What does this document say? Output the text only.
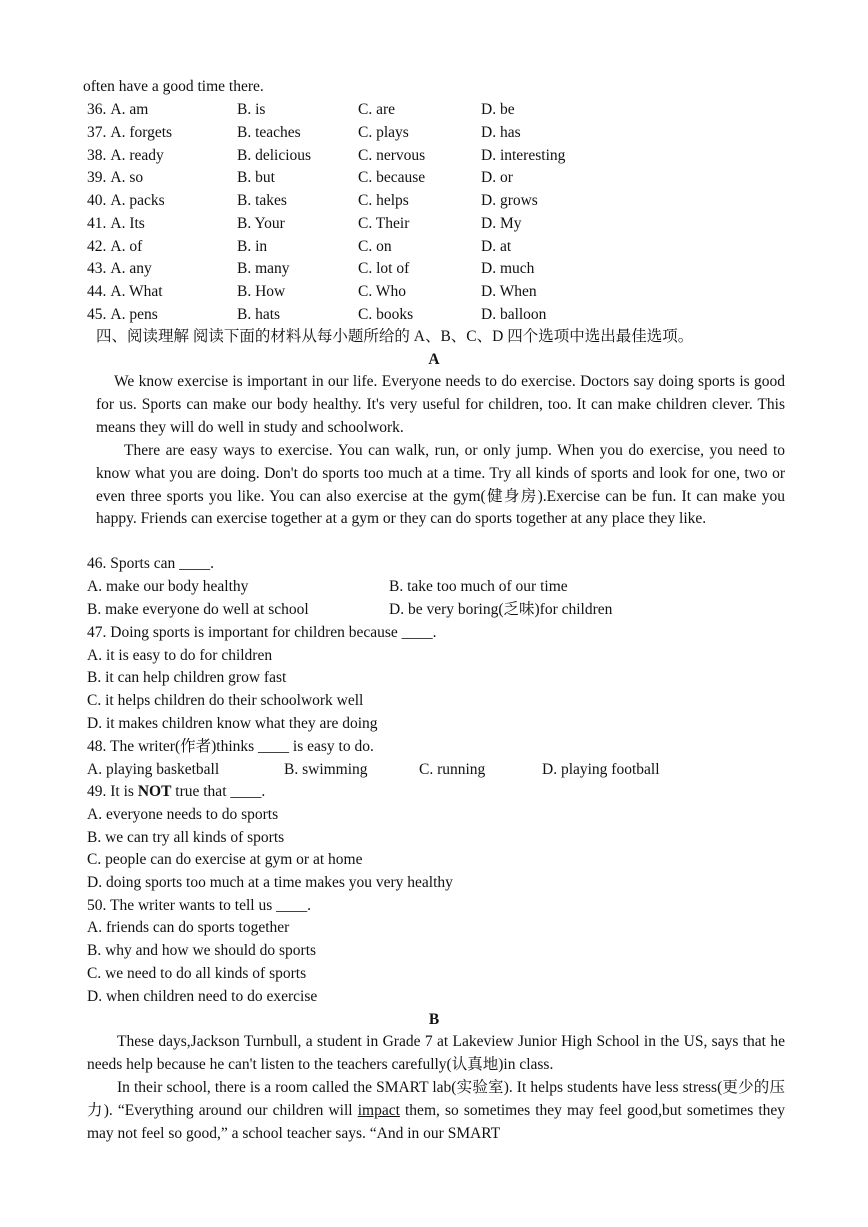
often have a good time there.
36. A. am	B. is	C. are	D. be
37. A. forgets	B. teaches	C. plays	D. has
38. A. ready	B. delicious	C. nervous	D. interesting
39. A. so	B. but	C. because	D. or
40. A. packs	B. takes	C. helps	D. grows
41. A. Its	B. Your	C. Their	D. My
42. A. of	B. in	C. on	D. at
43. A. any	B. many	C. lot of	D. much
44. A. What	B. How	C. Who	D. When
45. A. pens	B. hats	C. books	D. balloon
四、阅读理解 阅读下面的材料从每小题所给的 A、B、C、D 四个选项中选出最佳选项。
A

We know exercise is important in our life. Everyone needs to do exercise. Doctors say doing sports is good for us. Sports can make our body healthy. It's very useful for children, too. It can make children clever. This means they will do well in study and schoolwork.

There are easy ways to exercise. You can walk, run, or only jump. When you do exercise, you need to know what you are doing. Don't do sports too much at a time. Try all kinds of sports and look for one, two or even three sports you like. You can also exercise at the gym(健身房).Exercise can be fun. It can make you happy. Friends can exercise together at a gym or they can do sports together at any place they like.

46. Sports can ____.
A. make our body healthy	B. take too much of our time
B. make everyone do well at school	D. be very boring(乏味)for children
47. Doing sports is important for children because ____.
A. it is easy to do for children
B. it can help children grow fast
C. it helps children do their schoolwork well
D. it makes children know what they are doing
48. The writer(作者)thinks ____ is easy to do.
A. playing basketball	B. swimming	C. running	D. playing football
49. It is NOT true that ____.
A. everyone needs to do sports
B. we can try all kinds of sports
C. people can do exercise at gym or at home
D. doing sports too much at a time makes you very healthy
50. The writer wants to tell us ____.
A. friends can do sports together
B. why and how we should do sports
C. we need to do all kinds of sports
D. when children need to do exercise
B

These days,Jackson Turnbull, a student in Grade 7 at Lakeview Junior High School in the US, says that he needs help because he can't listen to the teachers carefully(认真地)in class.

In their school, there is a room called the SMART lab(实验室). It helps students have less stress(更少的压力). “Everything around our children will impact them, so sometimes they may feel good,but sometimes they may not feel so good,” a school teacher says. “And in our SMART
